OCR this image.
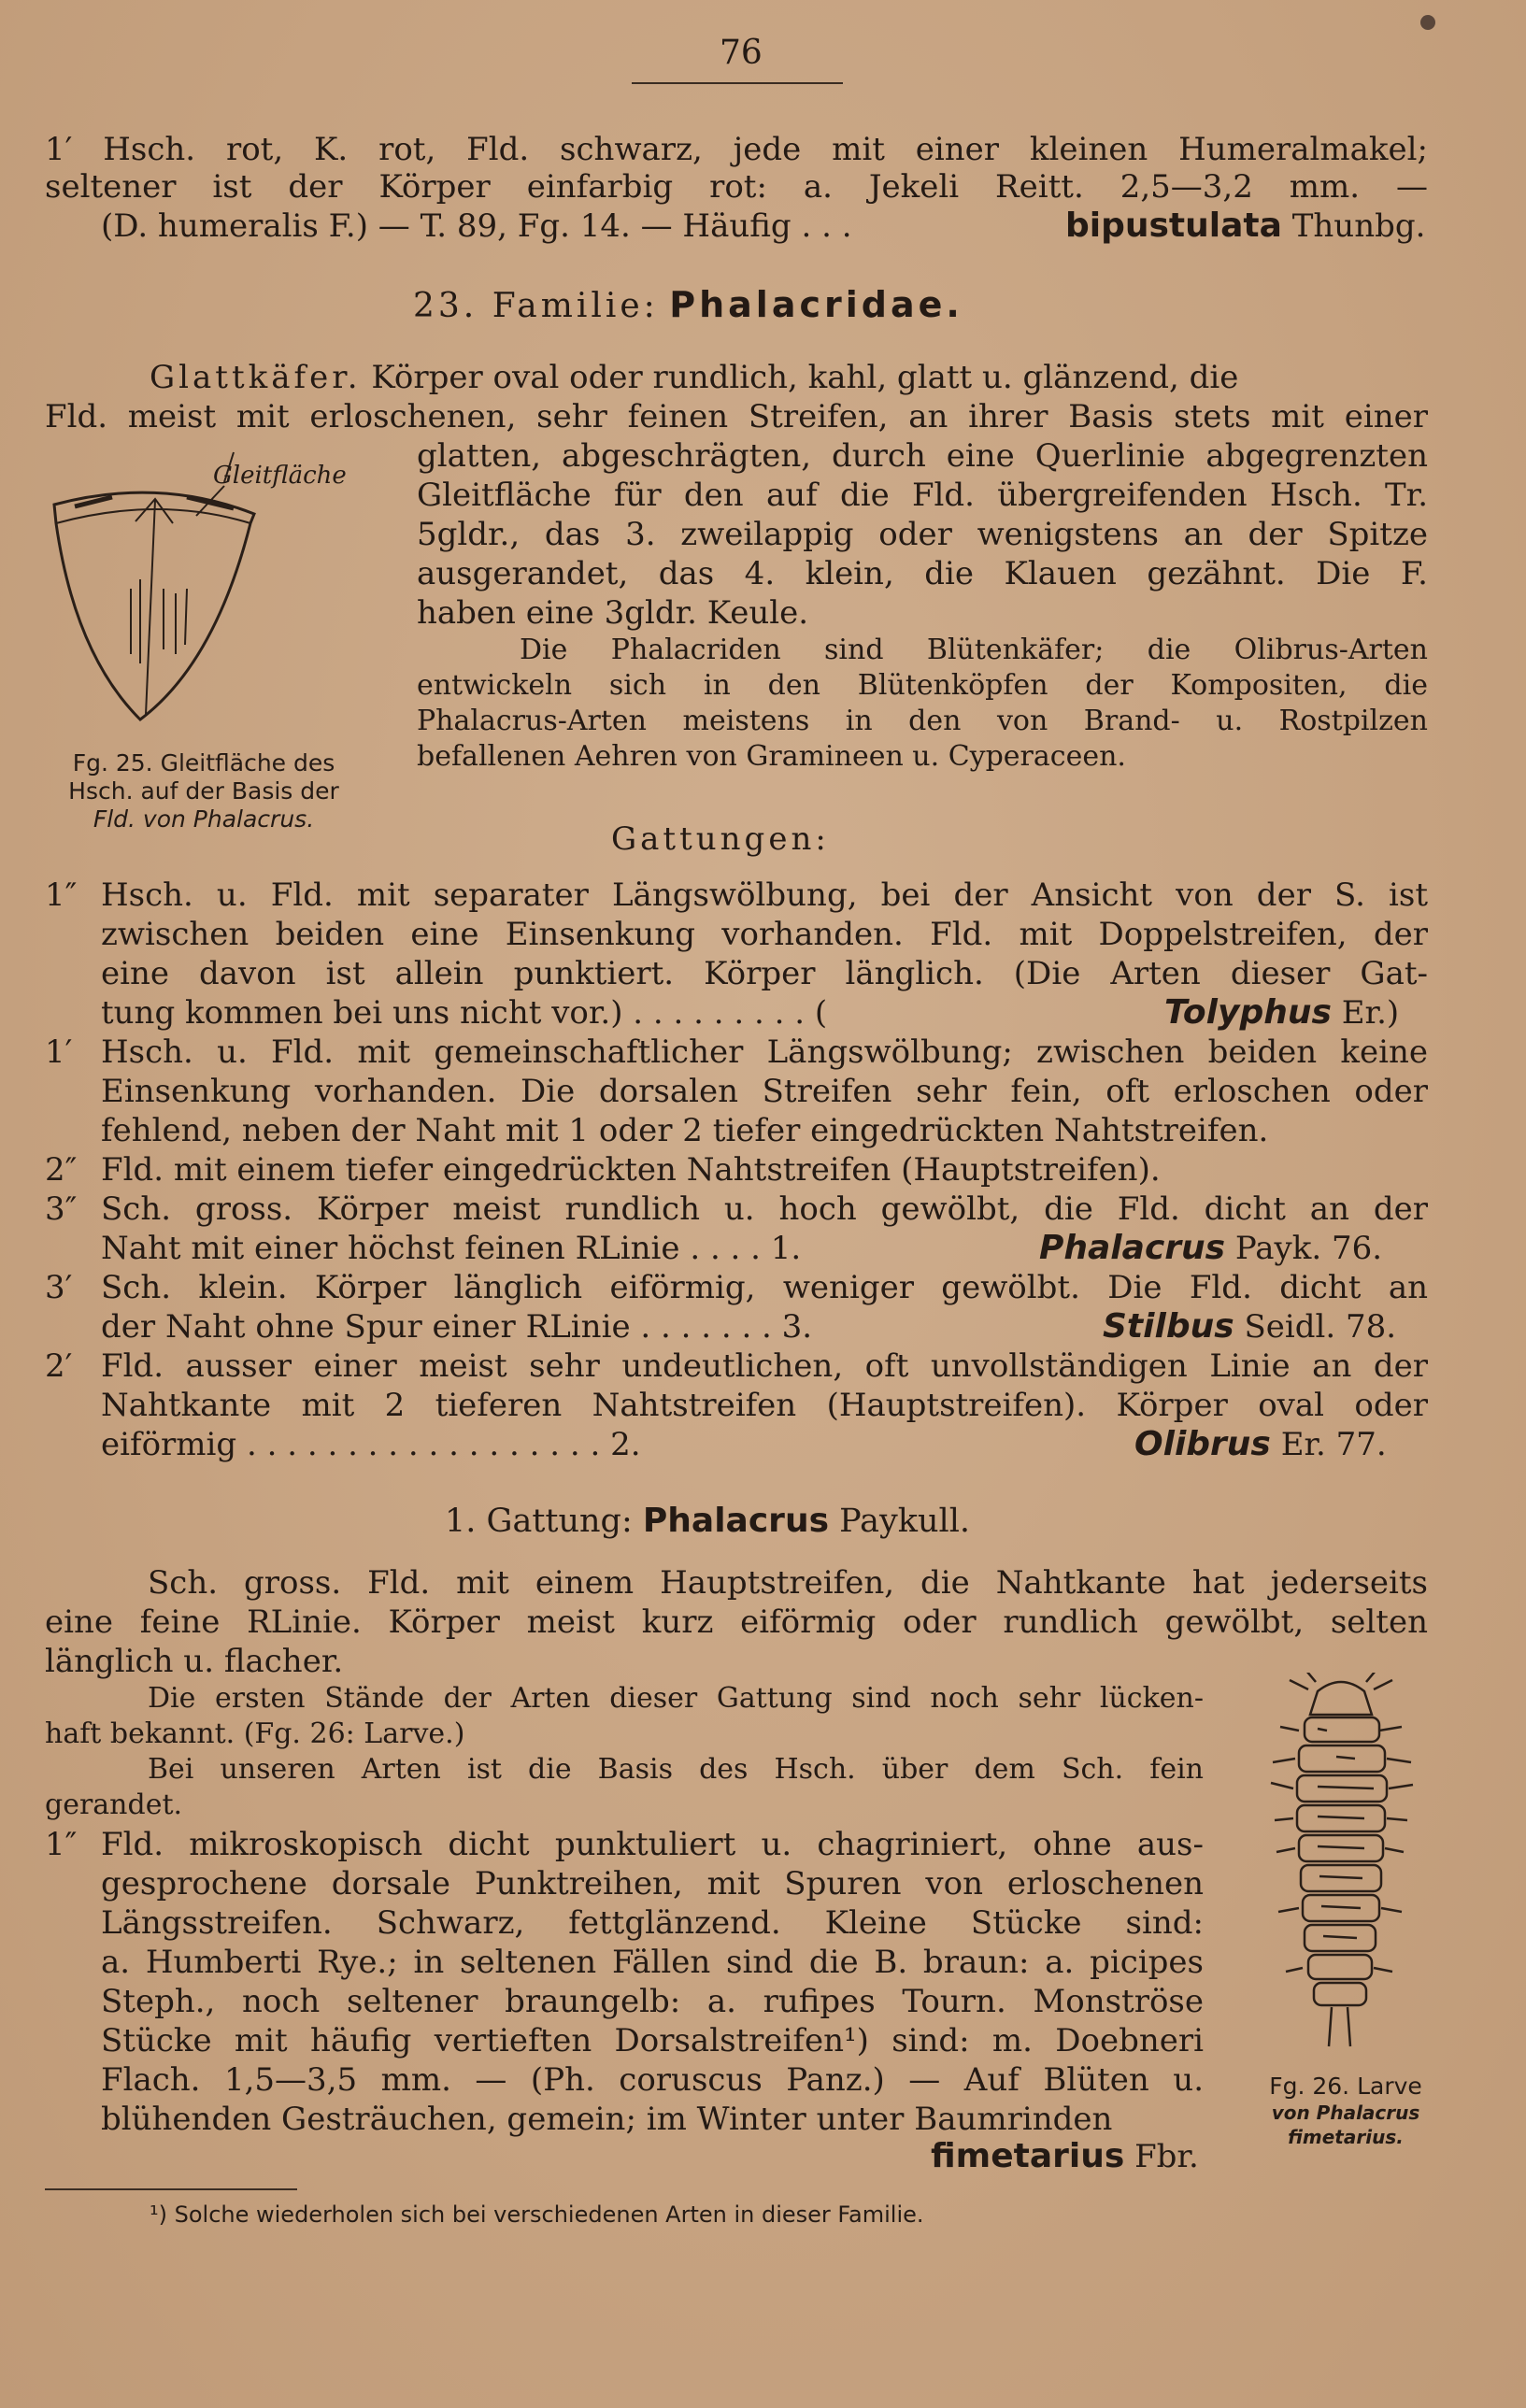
76
1′ Hsch. rot, K. rot, Fld. schwarz, jede mit einer kleinen Humeralmakel;
seltener ist der Körper einfarbig rot: a. Jekeli Reitt. 2,5—3,2 mm. —
(D. humeralis F.) — T. 89, Fg. 14. — Häufig . . .	bipustulata Thunbg.
23. Familie: Phalacridae.
Glattkäfer. Körper oval oder rundlich, kahl, glatt u. glänzend, die
Fld. meist mit erloschenen, sehr feinen Streifen, an ihrer Basis stets mit einer
glatten, abgeschrägten, durch eine Querlinie abgegrenzten
Gleitfläche für den auf die Fld. übergreifenden Hsch. Tr.
5gldr., das 3. zweilappig oder wenigstens an der Spitze
ausgerandet, das 4. klein, die Klauen gezähnt. Die F.
haben eine 3gldr. Keule.
Die Phalacriden sind Blütenkäfer; die Olibrus-Arten
entwickeln sich in den Blütenköpfen der Kompositen, die
Phalacrus-Arten meistens in den von Brand- u. Rostpilzen
befallenen Aehren von Gramineen u. Cyperaceen.
Gleitfläche
Fg. 25. Gleitfläche des
Hsch. auf der Basis der
Fld. von Phalacrus.
Gattungen:
1″ Hsch. u. Fld. mit separater Längswölbung, bei der Ansicht von der S. ist
zwischen beiden eine Einsenkung vorhanden. Fld. mit Doppelstreifen, der
eine davon ist allein punktiert. Körper länglich. (Die Arten dieser Gat-
tung kommen bei uns nicht vor.) . . . . . . . . . (	Tolyphus Er.)
1′ Hsch. u. Fld. mit gemeinschaftlicher Längswölbung; zwischen beiden keine
Einsenkung vorhanden. Die dorsalen Streifen sehr fein, oft erloschen oder
fehlend, neben der Naht mit 1 oder 2 tiefer eingedrückten Nahtstreifen.
2″ Fld. mit einem tiefer eingedrückten Nahtstreifen (Hauptstreifen).
3″ Sch. gross. Körper meist rundlich u. hoch gewölbt, die Fld. dicht an der
Naht mit einer höchst feinen RLinie . . . . 1.	Phalacrus Payk. 76.
3′ Sch. klein. Körper länglich eiförmig, weniger gewölbt. Die Fld. dicht an
der Naht ohne Spur einer RLinie . . . . . . . 3.	Stilbus Seidl. 78.
2′ Fld. ausser einer meist sehr undeutlichen, oft unvollständigen Linie an der
Nahtkante mit 2 tieferen Nahtstreifen (Hauptstreifen). Körper oval oder
eiförmig . . . . . . . . . . . . . . . . . . 2.	Olibrus Er. 77.
1. Gattung: Phalacrus Paykull.
Sch. gross. Fld. mit einem Hauptstreifen, die Nahtkante hat jederseits
eine feine RLinie. Körper meist kurz eiförmig oder rundlich gewölbt, selten
länglich u. flacher.
Die ersten Stände der Arten dieser Gattung sind noch sehr lücken-
haft bekannt. (Fg. 26: Larve.)
Bei unseren Arten ist die Basis des Hsch. über dem Sch. fein
gerandet.
1″ Fld. mikroskopisch dicht punktuliert u. chagriniert, ohne aus-
gesprochene dorsale Punktreihen, mit Spuren von erloschenen
Längsstreifen. Schwarz, fettglänzend. Kleine Stücke sind:
a. Humberti Rye.; in seltenen Fällen sind die B. braun: a. picipes
Steph., noch seltener braungelb: a. rufipes Tourn. Monströse
Stücke mit häufig vertieften Dorsalstreifen¹) sind: m. Doebneri
Flach. 1,5—3,5 mm. — (Ph. coruscus Panz.) — Auf Blüten u.
blühenden Gesträuchen, gemein; im Winter unter Baumrinden
fimetarius Fbr.
Fg. 26. Larve
von Phalacrus
fimetarius.
¹) Solche wiederholen sich bei verschiedenen Arten in dieser Familie.
